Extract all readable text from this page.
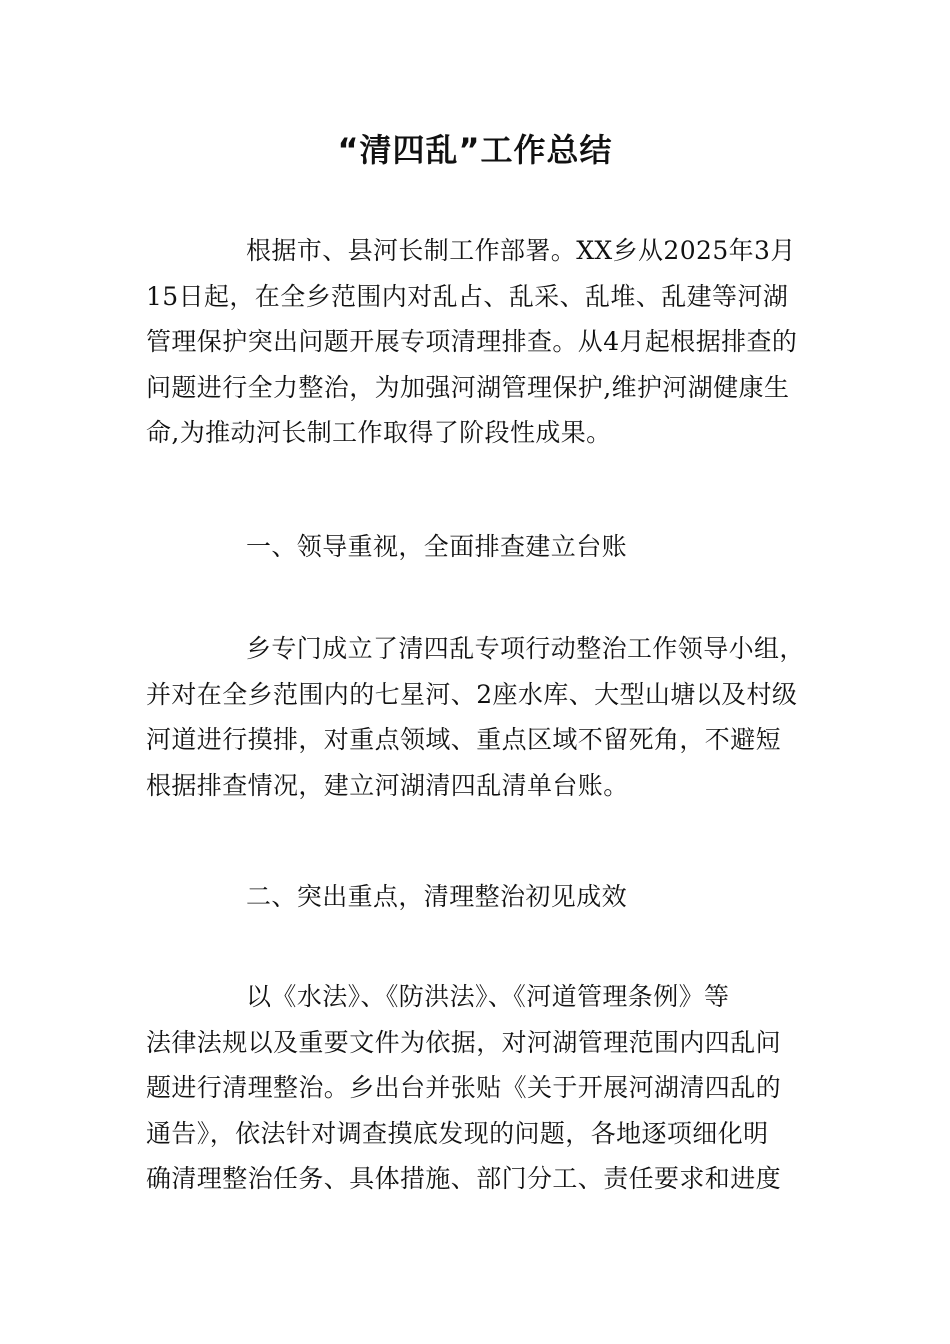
“清四乱”工作总结
根据市、县河长制工作部署。XX乡从2025年3月
15日起，在全乡范围内对乱占、乱采、乱堆、乱建等河湖
管理保护突出问题开展专项清理排查。从4月起根据排查的
问题进行全力整治，为加强河湖管理保护,维护河湖健康生
命,为推动河长制工作取得了阶段性成果。
一、领导重视，全面排查建立台账
乡专门成立了清四乱专项行动整治工作领导小组，
并对在全乡范围内的七星河、2座水库、大型山塘以及村级
河道进行摸排，对重点领域、重点区域不留死角，不避短
根据排查情况，建立河湖清四乱清单台账。
二、突出重点，清理整治初见成效
以《水法》、《防洪法》、《河道管理条例》等
法律法规以及重要文件为依据，对河湖管理范围内四乱问
题进行清理整治。乡出台并张贴《关于开展河湖清四乱的
通告》，依法针对调查摸底发现的问题，各地逐项细化明
确清理整治任务、具体措施、部门分工、责任要求和进度
